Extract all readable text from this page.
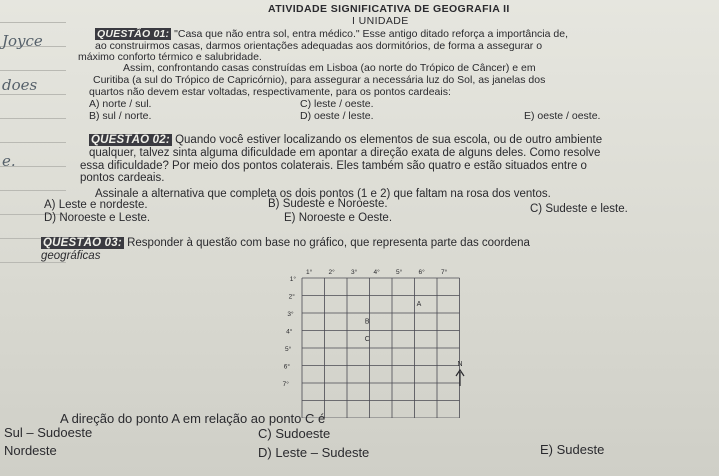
Joyce
does
e.
ATIVIDADE SIGNIFICATIVA DE GEOGRAFIA II
I UNIDADE
QUESTÃO 01: "Casa que não entra sol, entra médico." Esse antigo ditado reforça a importância de,
ao construirmos casas, darmos orientações adequadas aos dormitórios, de forma a assegurar o
máximo conforto térmico e salubridade.
Assim, confrontando casas construídas em Lisboa (ao norte do Trópico de Câncer) e em
Curitiba (a sul do Trópico de Capricórnio), para assegurar a necessária luz do Sol, as janelas dos
quartos não devem estar voltadas, respectivamente, para os pontos cardeais:
A) norte / sul.
B) sul / norte.
C) leste / oeste.
D) oeste / leste.	E) oeste / oeste.
QUESTÃO 02: Quando você estiver localizando os elementos de sua escola, ou de outro ambiente
qualquer, talvez sinta alguma dificuldade em apontar a direção exata de alguns deles. Como resolve
essa dificuldade? Por meio dos pontos colaterais. Eles também são quatro e estão situados entre o
pontos cardeais.
Assinale a alternativa que completa os dois pontos (1 e 2) que faltam na rosa dos ventos.
A) Leste e nordeste.
D) Noroeste e Leste.
B) Sudeste e Noroeste.
E) Noroeste e Oeste.
C) Sudeste e leste.
QUESTÃO 03: Responder à questão com base no gráfico, que representa parte das coordena
geográficas
1°	2°	3°	4°	5°	6°	7°
1°
2°
3°
4°
5°
6°
7°
A
B
C
N
A direção do ponto A em relação ao ponto C é
Sul – Sudoeste
Nordeste
C) Sudoeste
D) Leste – Sudeste	E) Sudeste
